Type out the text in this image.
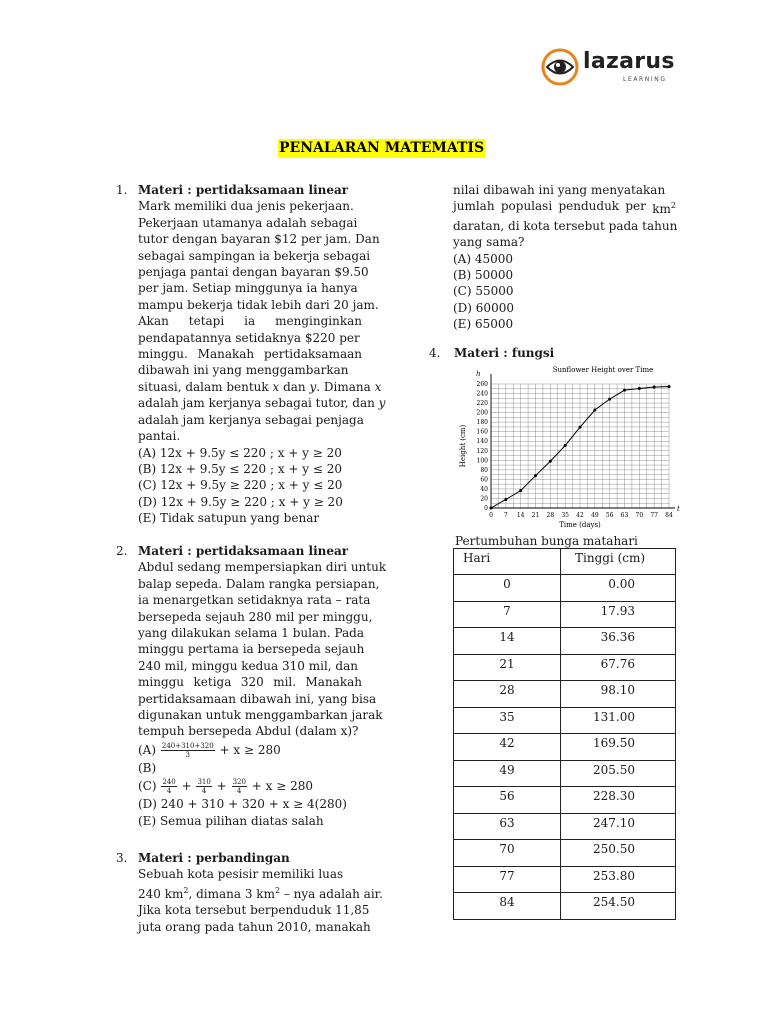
lazarus
LEARNING
PENALARAN MATEMATIS
1. Materi : pertidaksamaan linear
Mark memiliki dua jenis pekerjaan.
Pekerjaan utamanya adalah sebagai
tutor dengan bayaran $12 per jam. Dan
sebagai sampingan ia bekerja sebagai
penjaga pantai dengan bayaran $9.50
per jam. Setiap minggunya ia hanya
mampu bekerja tidak lebih dari 20 jam.
Akan tetapi ia menginginkan
pendapatannya setidaknya $220 per
minggu. Manakah pertidaksamaan
dibawah ini yang menggambarkan
situasi, dalam bentuk x dan y. Dimana x
adalah jam kerjanya sebagai tutor, dan y
adalah jam kerjanya sebagai penjaga
pantai.
(A) 12x + 9.5y ≤ 220 ; x + y ≥ 20
(B) 12x + 9.5y ≤ 220 ; x + y ≤ 20
(C) 12x + 9.5y ≥ 220 ; x + y ≤ 20
(D) 12x + 9.5y ≥ 220 ; x + y ≥ 20
(E) Tidak satupun yang benar
2. Materi : pertidaksamaan linear
Abdul sedang mempersiapkan diri untuk
balap sepeda. Dalam rangka persiapan,
ia menargetkan setidaknya rata – rata
bersepeda sejauh 280 mil per minggu,
yang dilakukan selama 1 bulan. Pada
minggu pertama ia bersepeda sejauh
240 mil, minggu kedua 310 mil, dan
minggu ketiga 320 mil. Manakah
pertidaksamaan dibawah ini, yang bisa
digunakan untuk menggambarkan jarak
tempuh bersepeda Abdul (dalam x)?
$(A) \frac{240+310+320}{3} + x \ge 280$
(B)
$(C) \frac{240}{4} + \frac{310}{4} + \frac{320}{4} + x \ge 280$
(D) 240 + 310 + 320 + x ≥ 4(280)
(E) Semua pilihan diatas salah
3. Materi : perbandingan
Sebuah kota pesisir memiliki luas
240 $km^2$, dimana 3 $km^2$ – nya adalah air.
Jika kota tersebut berpenduduk 11,85
juta orang pada tahun 2010, manakah
nilai dibawah ini yang menyatakan
jumlah populasi penduduk per $km^2$
daratan, di kota tersebut pada tahun
yang sama?
(A) 45000
(B) 50000
(C) 55000
(D) 60000
(E) 65000
4. Materi : fungsi
t
h
0 7 14 21 28 35 42 49 56 63 70 77 84
0
20
40
60
80
100
120
140
160
180
200
220
240
260
Sunflower Height over Time
Time (days)
Height (cm)
Pertumbuhan bunga matahari
Hari	Tinggi (cm)
0	0.00
7	17.93
14	36.36
21	67.76
28	98.10
35	131.00
42	169.50
49	205.50
56	228.30
63	247.10
70	250.50
77	253.80
84	254.50
